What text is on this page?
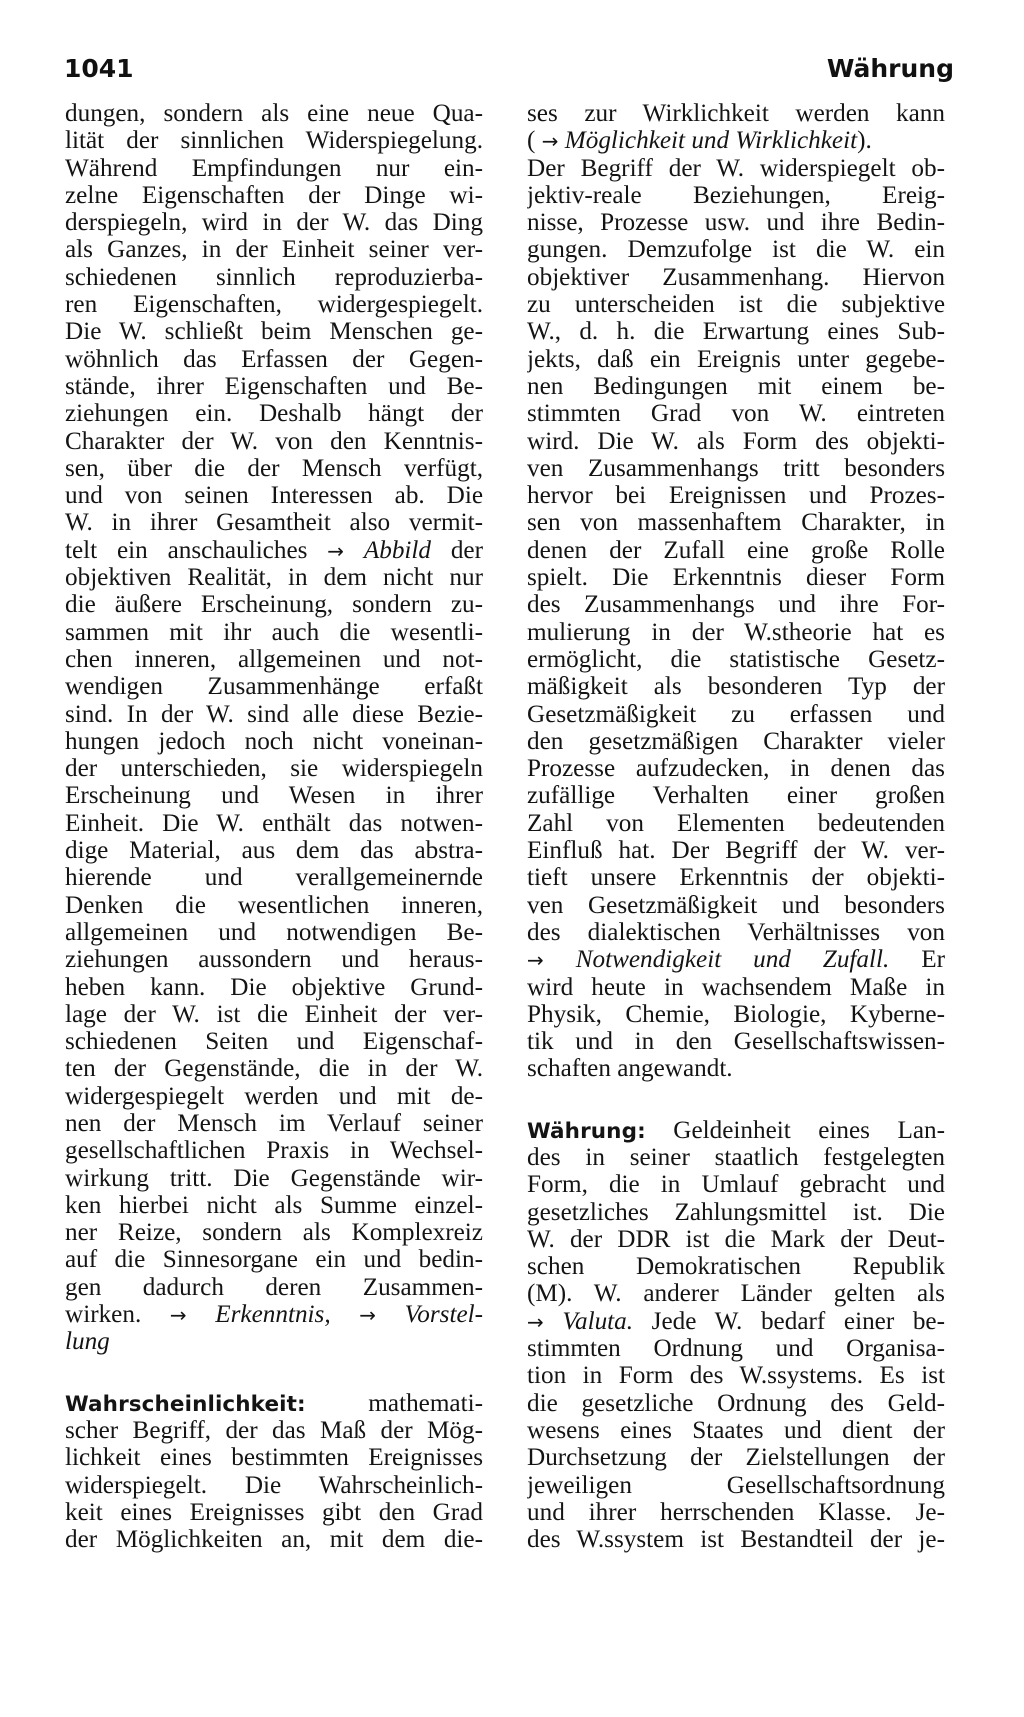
1041	Währung
dungen, sondern als eine neue Qua-
lität der sinnlichen Widerspiegelung.
Während Empfindungen nur ein-
zelne Eigenschaften der Dinge wi-
derspiegeln, wird in der W. das Ding
als Ganzes, in der Einheit seiner ver-
schiedenen sinnlich reproduzierba-
ren Eigenschaften, widergespiegelt.
Die W. schließt beim Menschen ge-
wöhnlich das Erfassen der Gegen-
stände, ihrer Eigenschaften und Be-
ziehungen ein. Deshalb hängt der
Charakter der W. von den Kenntnis-
sen, über die der Mensch verfügt,
und von seinen Interessen ab. Die
W. in ihrer Gesamtheit also vermit-
telt ein anschauliches → Abbild der
objektiven Realität, in dem nicht nur
die äußere Erscheinung, sondern zu-
sammen mit ihr auch die wesentli-
chen inneren, allgemeinen und not-
wendigen Zusammenhänge erfaßt
sind. In der W. sind alle diese Bezie-
hungen jedoch noch nicht voneinan-
der unterschieden, sie widerspiegeln
Erscheinung und Wesen in ihrer
Einheit. Die W. enthält das notwen-
dige Material, aus dem das abstra-
hierende und verallgemeinernde
Denken die wesentlichen inneren,
allgemeinen und notwendigen Be-
ziehungen aussondern und heraus-
heben kann. Die objektive Grund-
lage der W. ist die Einheit der ver-
schiedenen Seiten und Eigenschaf-
ten der Gegenstände, die in der W.
widergespiegelt werden und mit de-
nen der Mensch im Verlauf seiner
gesellschaftlichen Praxis in Wechsel-
wirkung tritt. Die Gegenstände wir-
ken hierbei nicht als Summe einzel-
ner Reize, sondern als Komplexreiz
auf die Sinnesorgane ein und bedin-
gen dadurch deren Zusammen-
wirken. → Erkenntnis, → Vorstel-
lung
Wahrscheinlichkeit: mathemati-
scher Begriff, der das Maß der Mög-
lichkeit eines bestimmten Ereignisses
widerspiegelt. Die Wahrscheinlich-
keit eines Ereignisses gibt den Grad
der Möglichkeiten an, mit dem die-
ses zur Wirklichkeit werden kann
( → Möglichkeit und Wirklichkeit).
Der Begriff der W. widerspiegelt ob-
jektiv-reale Beziehungen, Ereig-
nisse, Prozesse usw. und ihre Bedin-
gungen. Demzufolge ist die W. ein
objektiver Zusammenhang. Hiervon
zu unterscheiden ist die subjektive
W., d. h. die Erwartung eines Sub-
jekts, daß ein Ereignis unter gegebe-
nen Bedingungen mit einem be-
stimmten Grad von W. eintreten
wird. Die W. als Form des objekti-
ven Zusammenhangs tritt besonders
hervor bei Ereignissen und Prozes-
sen von massenhaftem Charakter, in
denen der Zufall eine große Rolle
spielt. Die Erkenntnis dieser Form
des Zusammenhangs und ihre For-
mulierung in der W.stheorie hat es
ermöglicht, die statistische Gesetz-
mäßigkeit als besonderen Typ der
Gesetzmäßigkeit zu erfassen und
den gesetzmäßigen Charakter vieler
Prozesse aufzudecken, in denen das
zufällige Verhalten einer großen
Zahl von Elementen bedeutenden
Einfluß hat. Der Begriff der W. ver-
tieft unsere Erkenntnis der objekti-
ven Gesetzmäßigkeit und besonders
des dialektischen Verhältnisses von
→ Notwendigkeit und Zufall. Er
wird heute in wachsendem Maße in
Physik, Chemie, Biologie, Kyberne-
tik und in den Gesellschaftswissen-
schaften angewandt.
Währung: Geldeinheit eines Lan-
des in seiner staatlich festgelegten
Form, die in Umlauf gebracht und
gesetzliches Zahlungsmittel ist. Die
W. der DDR ist die Mark der Deut-
schen Demokratischen Republik
(M). W. anderer Länder gelten als
→ Valuta. Jede W. bedarf einer be-
stimmten Ordnung und Organisa-
tion in Form des W.ssystems. Es ist
die gesetzliche Ordnung des Geld-
wesens eines Staates und dient der
Durchsetzung der Zielstellungen der
jeweiligen Gesellschaftsordnung
und ihrer herrschenden Klasse. Je-
des W.ssystem ist Bestandteil der je-
